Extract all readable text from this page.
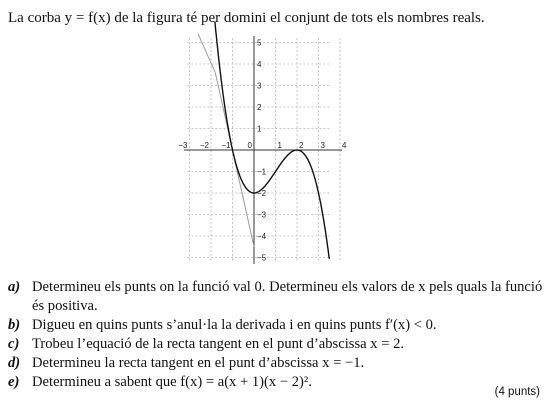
La corba y = f(x) de la figura té per domini el conjunt de tots els nombres reals.
−3 −2 −1 0	1 2 3 4
5
4
3
2
1
−1
−2
−3
−4
−5
a) Determineu els punts on la funció val 0. Determineu els valors de x pels quals la funció és positiva.
b) Digueu en quins punts s’anul·la la derivada i en quins punts f′(x) < 0.
c) Trobeu l’equació de la recta tangent en el punt d’abscissa x = 2.
d) Determineu la recta tangent en el punt d’abscissa x = −1.
e) Determineu a sabent que f(x) = a(x + 1)(x − 2)².
(4 punts)
